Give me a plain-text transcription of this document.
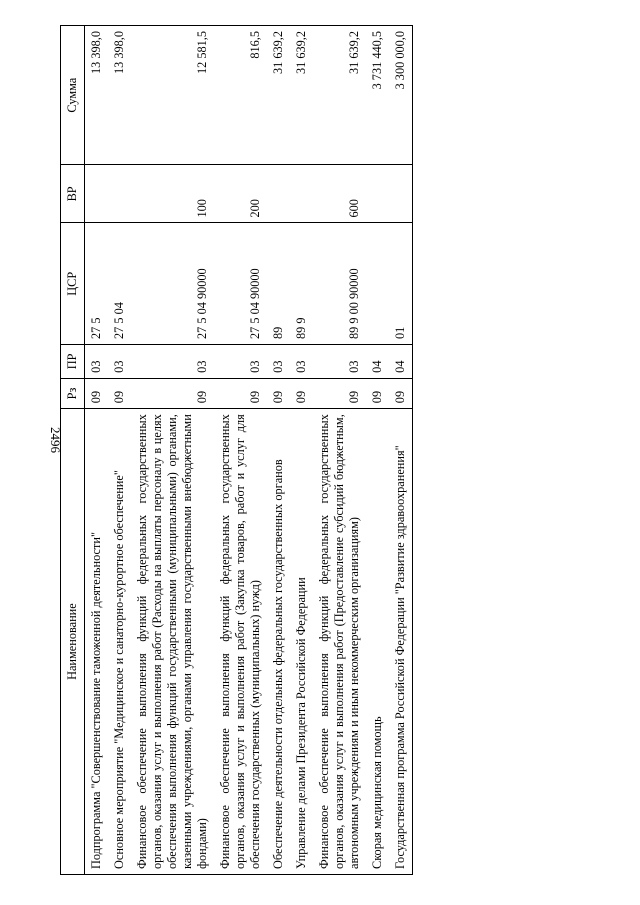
2496
Наименование	Рз	ПР	ЦСР	ВР	Сумма
Подпрограмма "Совершенствование таможенной деятельности"	09	03	27 5		13 398,0
Основное мероприятие "Медицинское и санаторно-курортное обеспечение"	09	03	27 5 04		13 398,0
Финансовое обеспечение выполнения функций федеральных государственных органов, оказания услуг и выполнения работ (Расходы на выплаты персоналу в целях обеспечения выполнения функций государственными (муниципальными) органами, казенными учреждениями, органами управления государственными внебюджетными фондами)	09	03	27 5 04 90000	100	12 581,5
Финансовое обеспечение выполнения функций федеральных государственных органов, оказания услуг и выполнения работ (Закупка товаров, работ и услуг для обеспечения государственных (муниципальных) нужд)	09	03	27 5 04 90000	200	816,5
Обеспечение деятельности отдельных федеральных государственных органов	09	03	89		31 639,2
Управление делами Президента Российской Федерации	09	03	89 9		31 639,2
Финансовое обеспечение выполнения функций федеральных государственных органов, оказания услуг и выполнения работ (Предоставление субсидий бюджетным, автономным учреждениям и иным некоммерческим организациям)	09	03	89 9 00 90000	600	31 639,2
Скорая медицинская помощь	09	04			3 731 440,5
Государственная программа Российской Федерации "Развитие здравоохранения"	09	04	01		3 300 000,0
